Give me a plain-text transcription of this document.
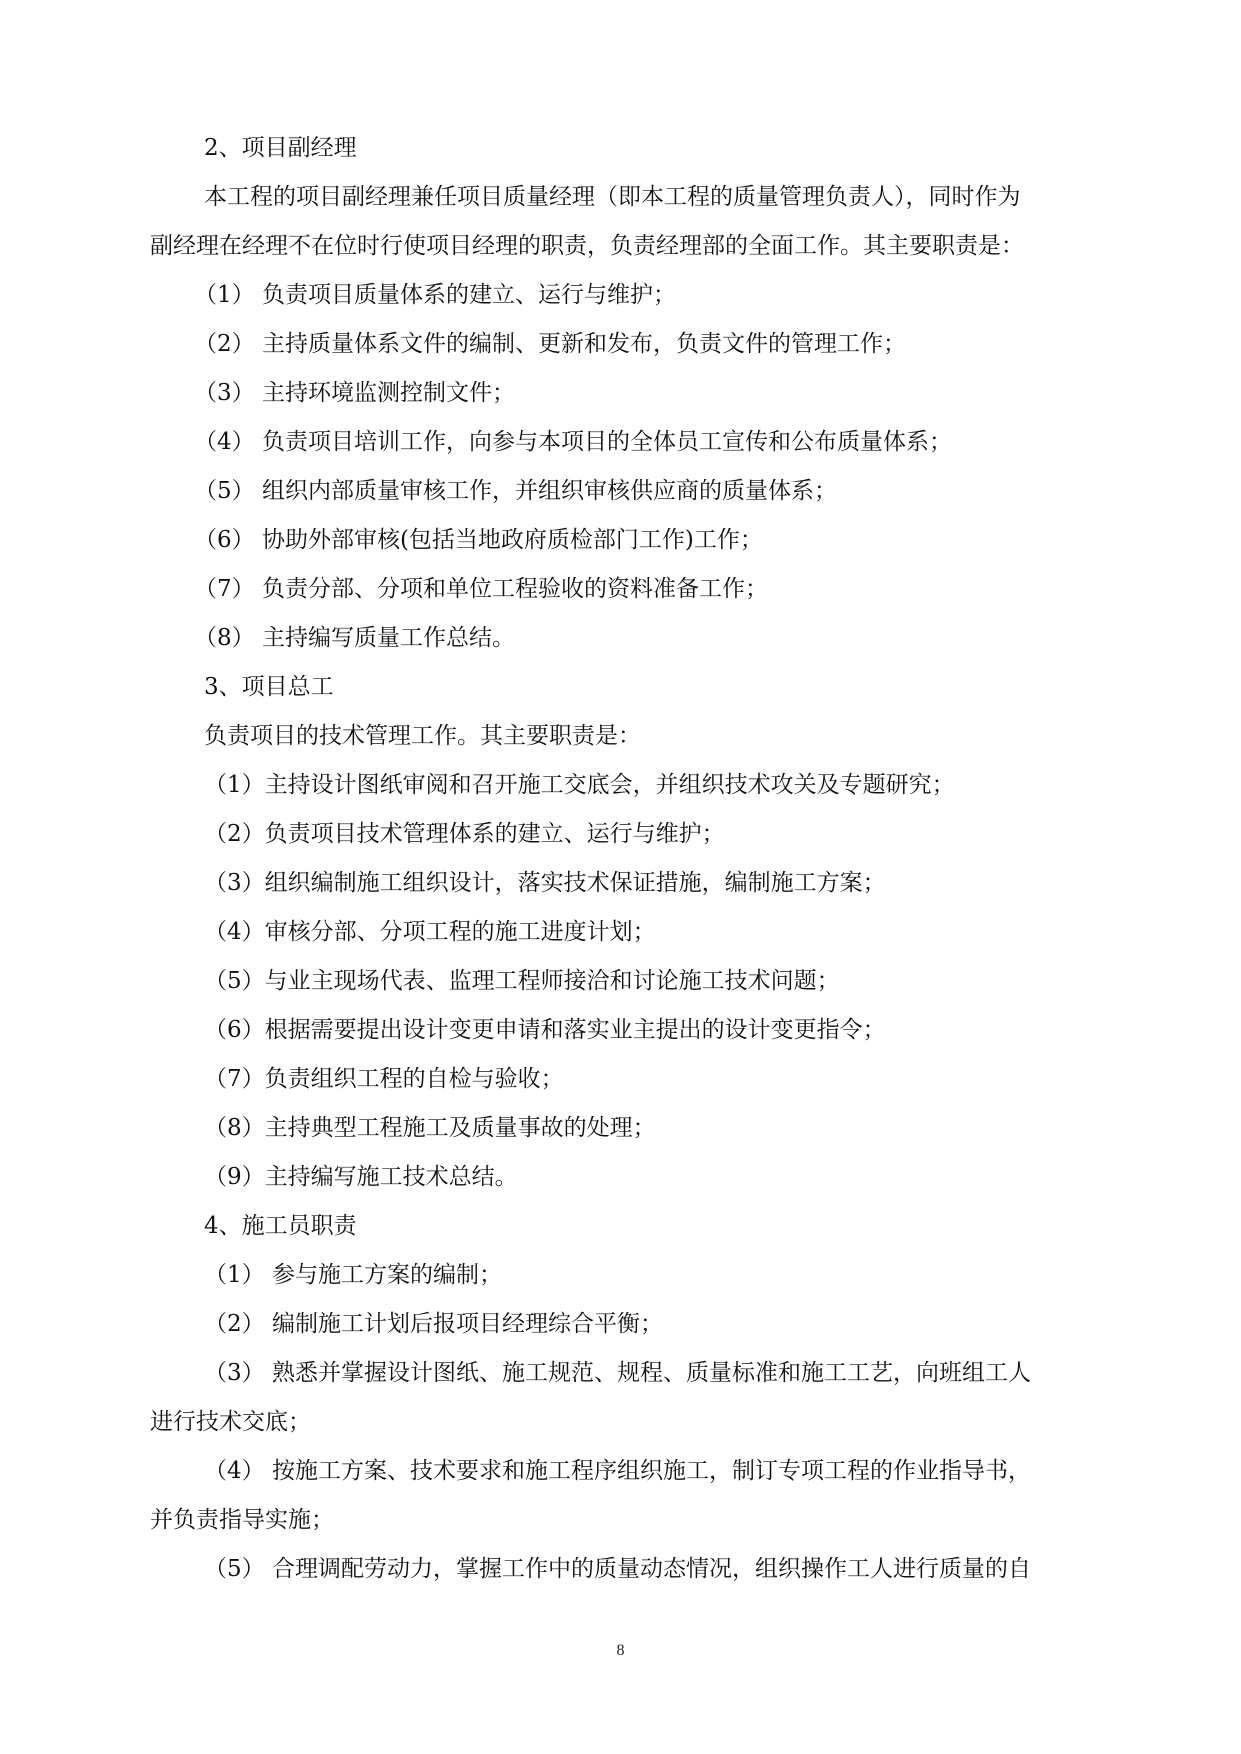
2、项目副经理
本工程的项目副经理兼任项目质量经理（即本工程的质量管理负责人），同时作为
副经理在经理不在位时行使项目经理的职责，负责经理部的全面工作。其主要职责是：
（1） 负责项目质量体系的建立、运行与维护；
（2） 主持质量体系文件的编制、更新和发布，负责文件的管理工作；
（3） 主持环境监测控制文件；
（4） 负责项目培训工作，向参与本项目的全体员工宣传和公布质量体系；
（5） 组织内部质量审核工作，并组织审核供应商的质量体系；
（6） 协助外部审核(包括当地政府质检部门工作)工作；
（7） 负责分部、分项和单位工程验收的资料准备工作；
（8） 主持编写质量工作总结。
3、项目总工
负责项目的技术管理工作。其主要职责是：
（1）主持设计图纸审阅和召开施工交底会，并组织技术攻关及专题研究；
（2）负责项目技术管理体系的建立、运行与维护；
（3）组织编制施工组织设计，落实技术保证措施，编制施工方案；
（4）审核分部、分项工程的施工进度计划；
（5）与业主现场代表、监理工程师接洽和讨论施工技术问题；
（6）根据需要提出设计变更申请和落实业主提出的设计变更指令；
（7）负责组织工程的自检与验收；
（8）主持典型工程施工及质量事故的处理；
（9）主持编写施工技术总结。
4、施工员职责
（1） 参与施工方案的编制；
（2） 编制施工计划后报项目经理综合平衡；
（3） 熟悉并掌握设计图纸、施工规范、规程、质量标准和施工工艺，向班组工人
进行技术交底；
（4） 按施工方案、技术要求和施工程序组织施工，制订专项工程的作业指导书，
并负责指导实施；
（5） 合理调配劳动力，掌握工作中的质量动态情况，组织操作工人进行质量的自
8
